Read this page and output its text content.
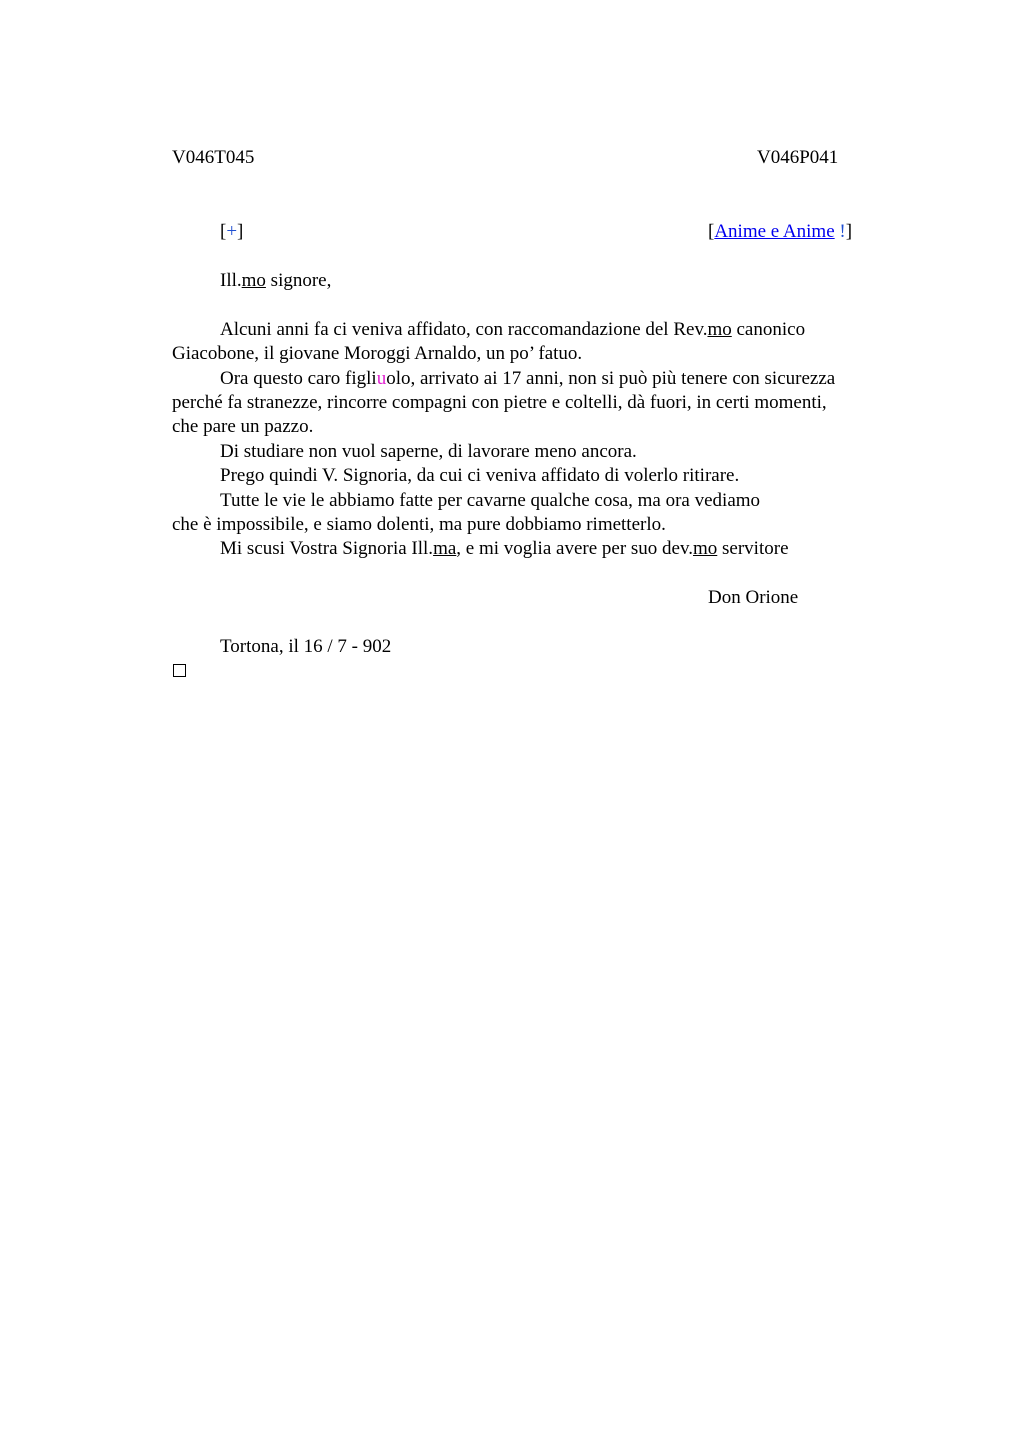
V046T045	V046P041
[+]	[Anime e Anime !]
Ill.mo signore,
Alcuni anni fa ci veniva affidato, con raccomandazione del Rev.mo canonico
Giacobone, il giovane Moroggi Arnaldo, un po’ fatuo.
Ora questo caro figliuolo, arrivato ai 17 anni, non si può più tenere con sicurezza
perché fa stranezze, rincorre compagni con pietre e coltelli, dà fuori, in certi momenti,
che pare un pazzo.
Di studiare non vuol saperne, di lavorare meno ancora.
Prego quindi V. Signoria, da cui ci veniva affidato di volerlo ritirare.
Tutte le vie le abbiamo fatte per cavarne qualche cosa, ma ora vediamo
che è impossibile, e siamo dolenti, ma pure dobbiamo rimetterlo.
Mi scusi Vostra Signoria Ill.ma, e mi voglia avere per suo dev.mo servitore
Don Orione
Tortona, il 16 / 7 - 902
